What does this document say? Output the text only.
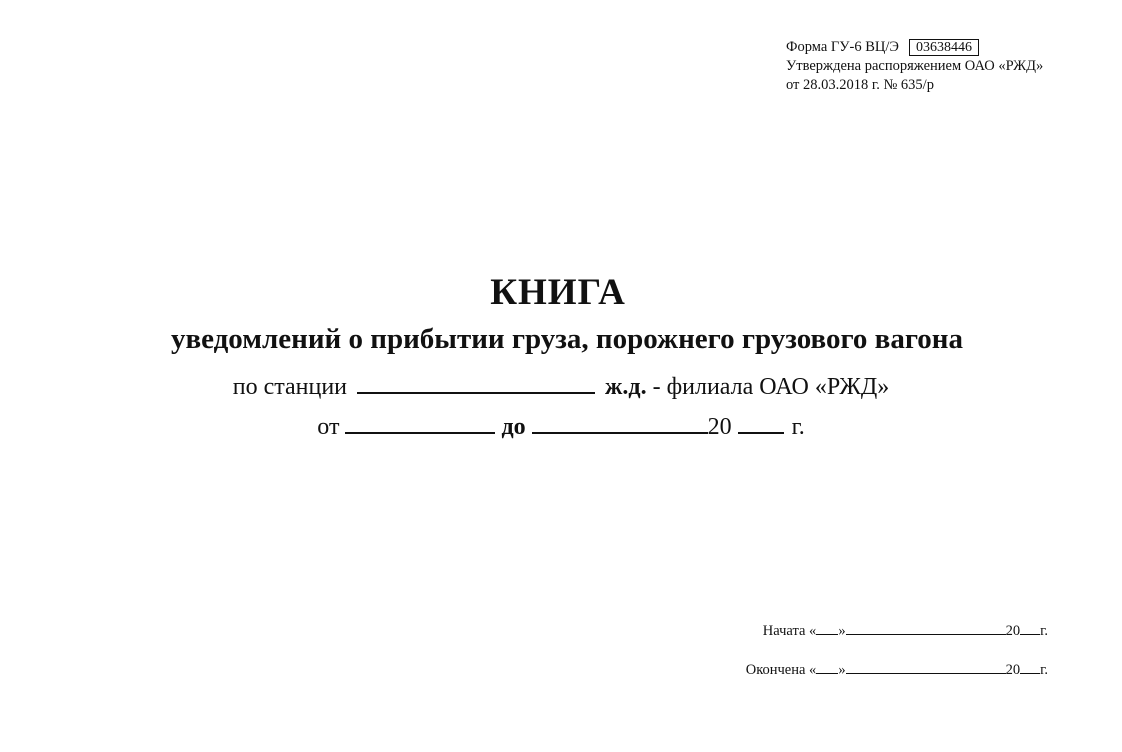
Форма ГУ-6 ВЦ/Э 03638446
Утверждена распоряжением ОАО «РЖД»
от 28.03.2018 г. № 635/р
КНИГА
уведомлений о прибытии груза, порожнего грузового вагона
по станции	ж.д. - филиала ОАО «РЖД»
от	до	20	г.
Начата « »	20 г.
Окончена « »	20 г.
